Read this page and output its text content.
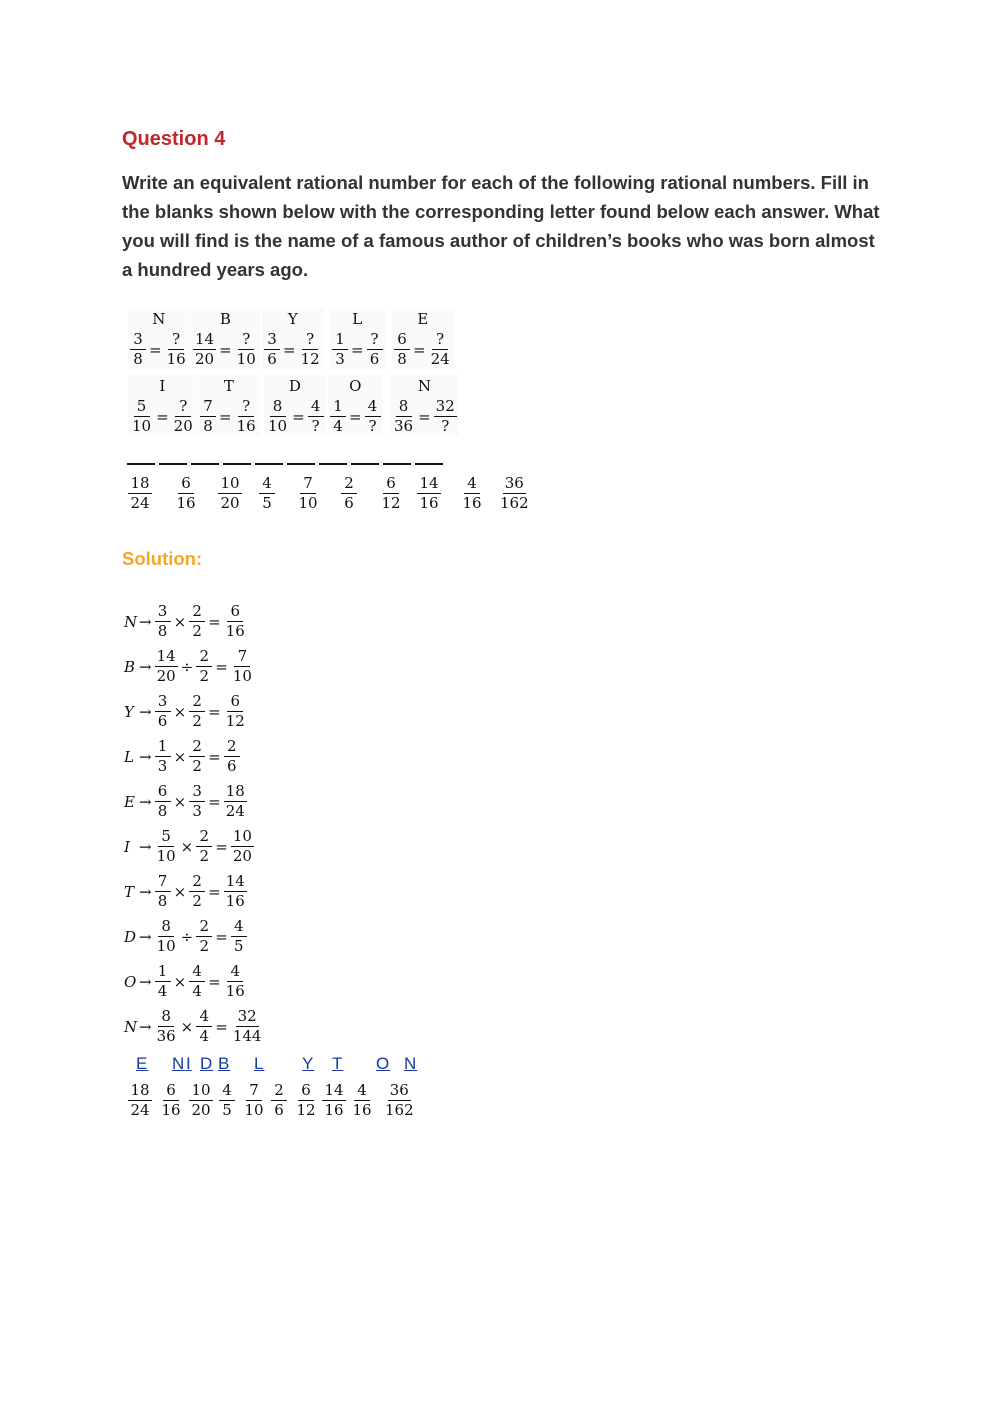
Question 4
Write an equivalent rational number for each of the following rational numbers. Fill in the blanks shown below with the corresponding letter found below each answer. What you will find is the name of a famous author of children’s books who was born almost a hundred years ago.
N
$\frac{3}{8} = \frac{?}{16}$
B
$\frac{14}{20} = \frac{?}{10}$
Y
$\frac{3}{6} = \frac{?}{12}$
L
$\frac{1}{3} = \frac{?}{6}$
E
$\frac{6}{8} = \frac{?}{24}$
I
$\frac{5}{10} = \frac{?}{20}$
T
$\frac{7}{8} = \frac{?}{16}$
D
$\frac{8}{10} = \frac{4}{?}$
O
$\frac{1}{4} = \frac{4}{?}$
N
$\frac{8}{36} = \frac{32}{?}$
$\frac{18}{24} \frac{6}{16} \frac{10}{20} \frac{4}{5} \frac{7}{10} \frac{2}{6} \frac{6}{12} \frac{14}{16} \frac{4}{16} \frac{36}{162}$
Solution:
$N \to \frac{3}{8} \times \frac{2}{2} = \frac{6}{16}$
$B \to \frac{14}{20} \div \frac{2}{2} = \frac{7}{10}$
$Y \to \frac{3}{6} \times \frac{2}{2} = \frac{6}{12}$
$L \to \frac{1}{3} \times \frac{2}{2} = \frac{2}{6}$
$E \to \frac{6}{8} \times \frac{3}{3} = \frac{18}{24}$
$I \to \frac{5}{10} \times \frac{2}{2} = \frac{10}{20}$
$T \to \frac{7}{8} \times \frac{2}{2} = \frac{14}{16}$
$D \to \frac{8}{10} \div \frac{2}{2} = \frac{4}{5}$
$O \to \frac{1}{4} \times \frac{4}{4} = \frac{4}{16}$
$N \to \frac{8}{36} \times \frac{4}{4} = \frac{32}{144}$
E N I D B L Y T O N
$\frac{18}{24} \frac{6}{16} \frac{10}{20} \frac{4}{5} \frac{7}{10} \frac{2}{6} \frac{6}{12} \frac{14}{16} \frac{4}{16} \frac{36}{162}$
